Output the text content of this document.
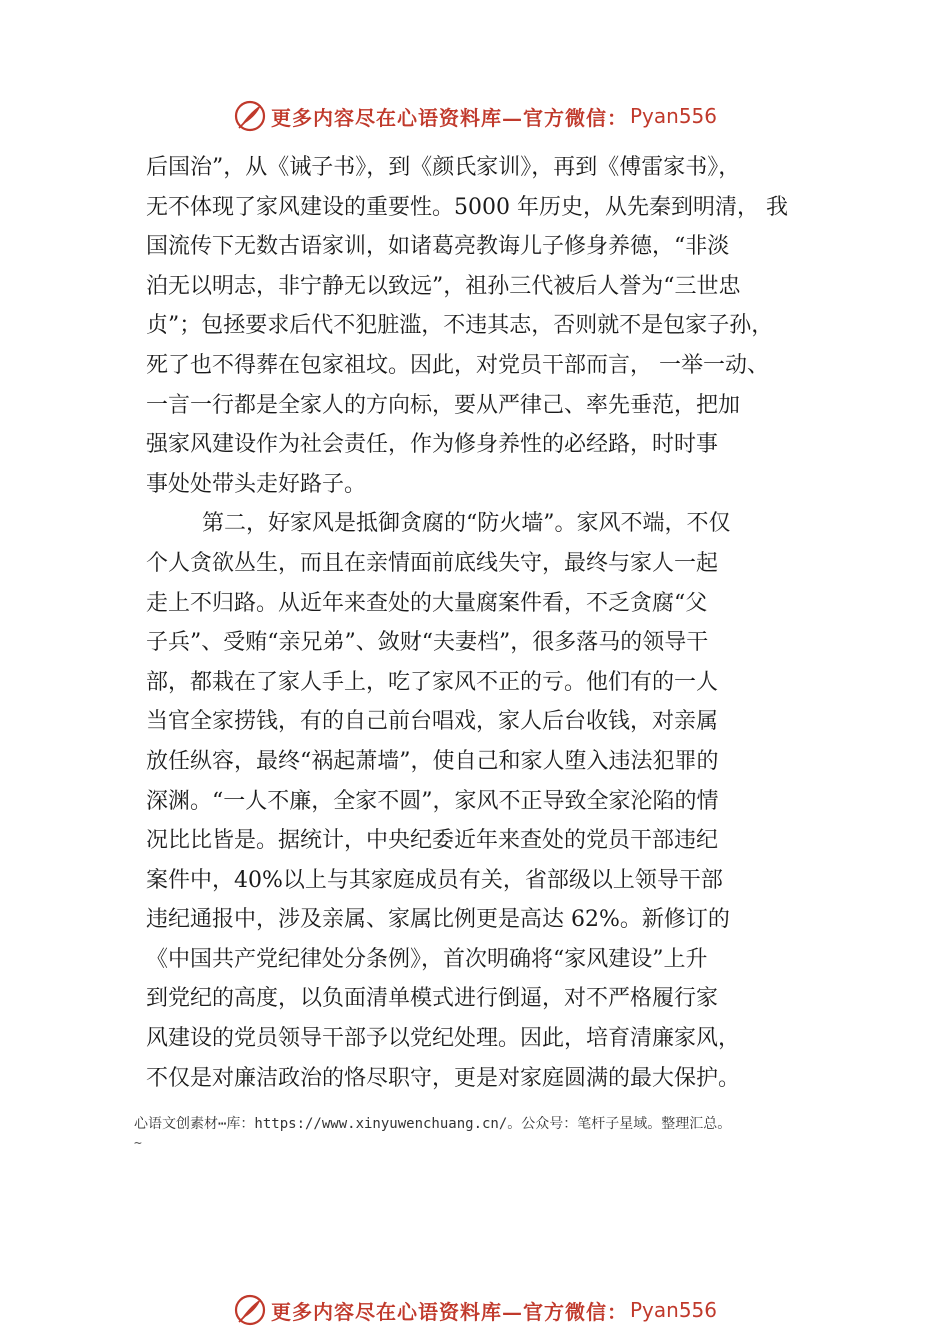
更多内容尽在心语资料库—官方微信： Pyan556
后国治”，从《诫子书》，到《颜氏家训》，再到《傅雷家书》，
无不体现了家风建设的重要性。5000 年历史，从先秦到明清， 我
国流传下无数古语家训，如诸葛亮教诲儿子修身养德，“非淡
泊无以明志，非宁静无以致远”，祖孙三代被后人誉为“三世忠
贞”；包拯要求后代不犯脏滥，不违其志，否则就不是包家子孙，
死了也不得葬在包家祖坟。因此，对党员干部而言， 一举一动、
一言一行都是全家人的方向标，要从严律己、率先垂范，把加
强家风建设作为社会责任，作为修身养性的必经路，时时事
事处处带头走好路子。
第二，好家风是抵御贪腐的“防火墙”。家风不端，不仅
个人贪欲丛生，而且在亲情面前底线失守，最终与家人一起
走上不归路。从近年来查处的大量腐案件看，不乏贪腐“父
子兵”、受贿“亲兄弟”、敛财“夫妻档”，很多落马的领导干
部，都栽在了家人手上，吃了家风不正的亏。他们有的一人
当官全家捞钱，有的自己前台唱戏，家人后台收钱，对亲属
放任纵容，最终“祸起萧墙”，使自己和家人堕入违法犯罪的
深渊。“一人不廉，全家不圆”，家风不正导致全家沦陷的情
况比比皆是。据统计，中央纪委近年来查处的党员干部违纪
案件中，40%以上与其家庭成员有关，省部级以上领导干部
违纪通报中，涉及亲属、家属比例更是高达 62%。新修订的
《中国共产党纪律处分条例》，首次明确将“家风建设”上升
到党纪的高度，以负面清单模式进行倒逼，对不严格履行家
风建设的党员领导干部予以党纪处理。因此，培育清廉家风，
不仅是对廉洁政治的恪尽职守，更是对家庭圆满的最大保护。
心语文创素材⋯库：https://www.xinyuwenchuang.cn/。公众号：笔杆子星域。整理汇总。
~
更多内容尽在心语资料库—官方微信： Pyan556
